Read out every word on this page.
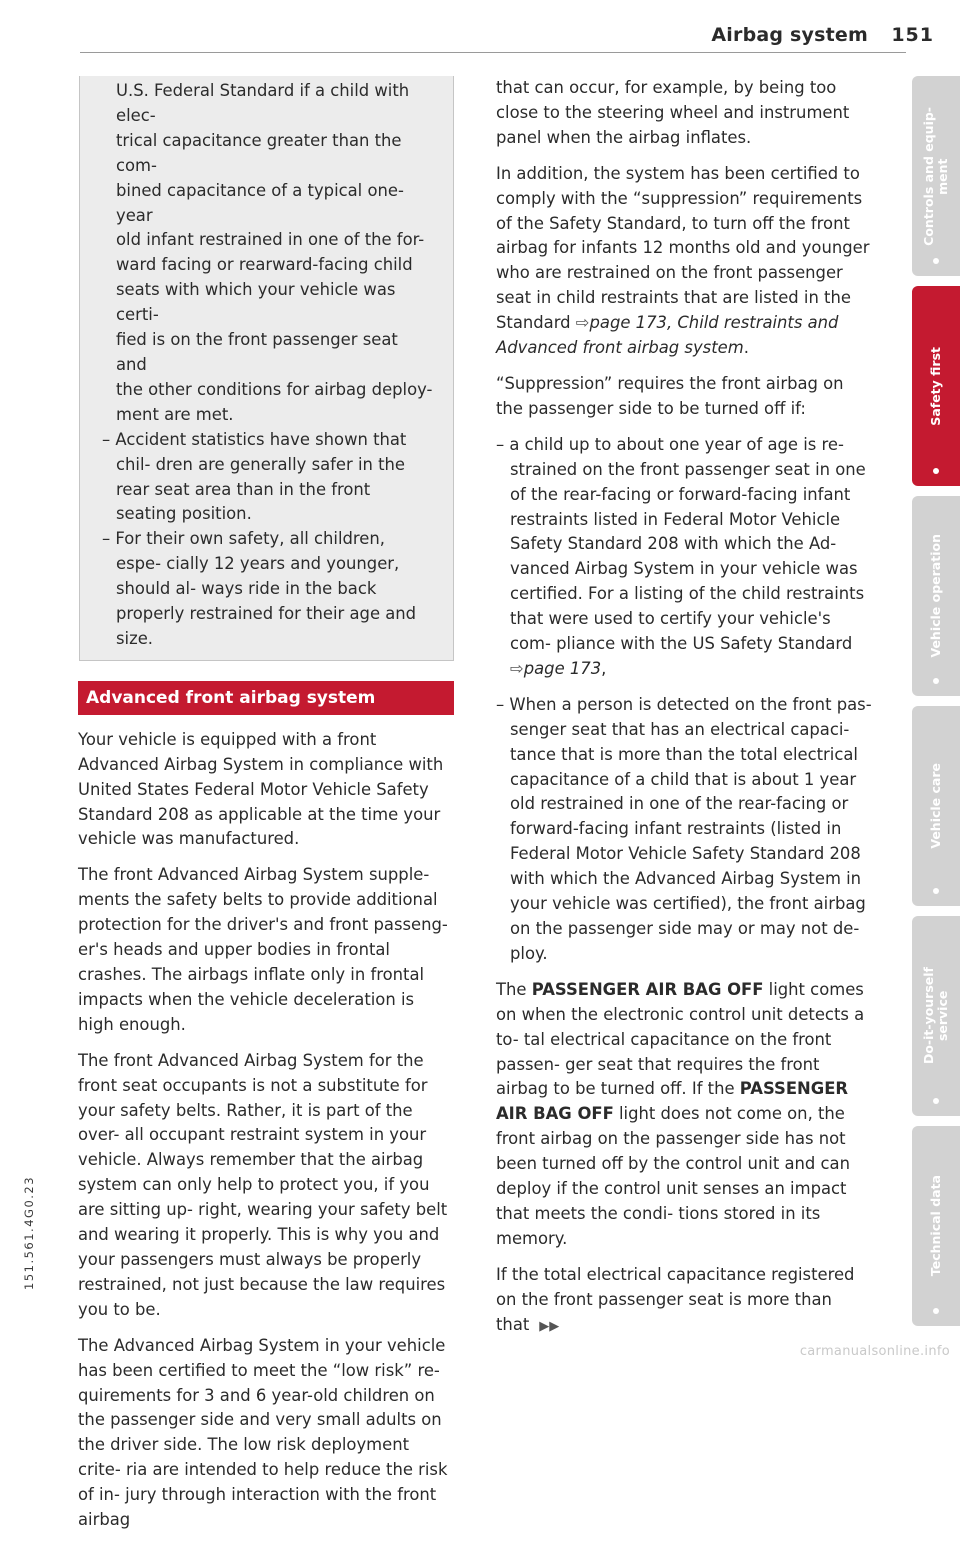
Airbag system 151
U.S. Federal Standard if a child with elec-
trical capacitance greater than the com-
bined capacitance of a typical one-year
old infant restrained in one of the for-
ward facing or rearward-facing child
seats with which your vehicle was certi-
fied is on the front passenger seat and
the other conditions for airbag deploy-
ment are met.

– Accident statistics have shown that chil- dren are generally safer in the rear seat area than in the front seating position.

– For their own safety, all children, espe- cially 12 years and younger, should al- ways ride in the back properly restrained for their age and size.

Advanced front airbag system

Your vehicle is equipped with a front Advanced Airbag System in compliance with United States Federal Motor Vehicle Safety Standard 208 as applicable at the time your vehicle was manufactured.

The front Advanced Airbag System supple- ments the safety belts to provide additional protection for the driver's and front passeng- er's heads and upper bodies in frontal crashes. The airbags inflate only in frontal impacts when the vehicle deceleration is high enough.

The front Advanced Airbag System for the front seat occupants is not a substitute for your safety belts. Rather, it is part of the over- all occupant restraint system in your vehicle. Always remember that the airbag system can only help to protect you, if you are sitting up- right, wearing your safety belt and wearing it properly. This is why you and your passengers must always be properly restrained, not just because the law requires you to be.

The Advanced Airbag System in your vehicle has been certified to meet the “low risk” re- quirements for 3 and 6 year-old children on the passenger side and very small adults on the driver side. The low risk deployment crite- ria are intended to help reduce the risk of in- jury through interaction with the front airbag

that can occur, for example, by being too close to the steering wheel and instrument panel when the airbag inflates.

In addition, the system has been certified to comply with the “suppression” requirements of the Safety Standard, to turn off the front airbag for infants 12 months old and younger who are restrained on the front passenger seat in child restraints that are listed in the Standard ⇨page 173, Child restraints and Advanced front airbag system.

“Suppression” requires the front airbag on the passenger side to be turned off if:

– a child up to about one year of age is re- strained on the front passenger seat in one of the rear-facing or forward-facing infant restraints listed in Federal Motor Vehicle Safety Standard 208 with which the Ad- vanced Airbag System in your vehicle was certified. For a listing of the child restraints that were used to certify your vehicle's com- pliance with the US Safety Standard ⇨page 173,

– When a person is detected on the front pas- senger seat that has an electrical capaci- tance that is more than the total electrical capacitance of a child that is about 1 year old restrained in one of the rear-facing or forward-facing infant restraints (listed in Federal Motor Vehicle Safety Standard 208 with which the Advanced Airbag System in your vehicle was certified), the front airbag on the passenger side may or may not de- ploy.

The PASSENGER AIR BAG OFF light comes on when the electronic control unit detects a to- tal electrical capacitance on the front passen- ger seat that requires the front airbag to be turned off. If the PASSENGER AIR BAG OFF light does not come on, the front airbag on the passenger side has not been turned off by the control unit and can deploy if the control unit senses an impact that meets the condi- tions stored in its memory.

If the total electrical capacitance registered on the front passenger seat is more than that ▶▶

Controls and equip-
ment
Safety first
Vehicle operation
Vehicle care
Do-it-yourself
service
Technical data
151.561.4G0.23
carmanualsonline.info
